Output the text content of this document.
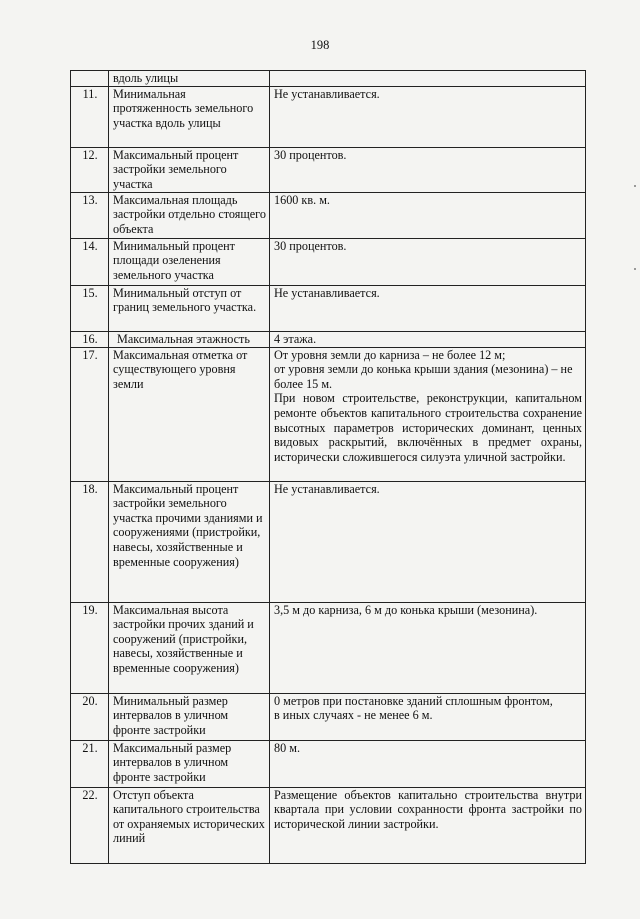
198
	вдоль улицы	
11.	Минимальная протяженность земельного участка вдоль улицы	Не устанавливается.

12.	Максимальный процент застройки земельного участка	30 процентов.

13.	Максимальная площадь застройки отдельно стоящего объекта	1600 кв. м.

14.	Минимальный процент площади озеленения земельного участка	30 процентов.

15.	Минимальный отступ от границ земельного участка.	Не устанавливается.

16.	Максимальная этажность	4 этажа.

17.	Максимальная отметка от существующего уровня земли	От уровня земли до карниза – не более 12 м;
от уровня земли до конька крыши здания (мезонина) – не более 15 м.
При новом строительстве, реконструкции, капитальном ремонте объектов капитального строительства сохранение высотных параметров исторических доминант, ценных видовых раскрытий, включённых в предмет охраны, исторически сложившегося силуэта уличной застройки.

18.	Максимальный процент застройки земельного участка прочими зданиями и сооружениями (пристройки, навесы, хозяйственные и временные сооружения)	Не устанавливается.

19.	Максимальная высота застройки прочих зданий и сооружений (пристройки, навесы, хозяйственные и временные сооружения)	3,5 м до карниза, 6 м до конька крыши (мезонина).

20.	Минимальный размер интервалов в уличном фронте застройки	0 метров при постановке зданий сплошным фронтом,
в иных случаях - не менее 6 м.

21.	Максимальный размер интервалов в уличном фронте застройки	80 м.

22.	Отступ объекта капитального строительства от охраняемых исторических линий	Размещение объектов капитально строительства внутри квартала при условии сохранности фронта застройки по исторической линии застройки.
